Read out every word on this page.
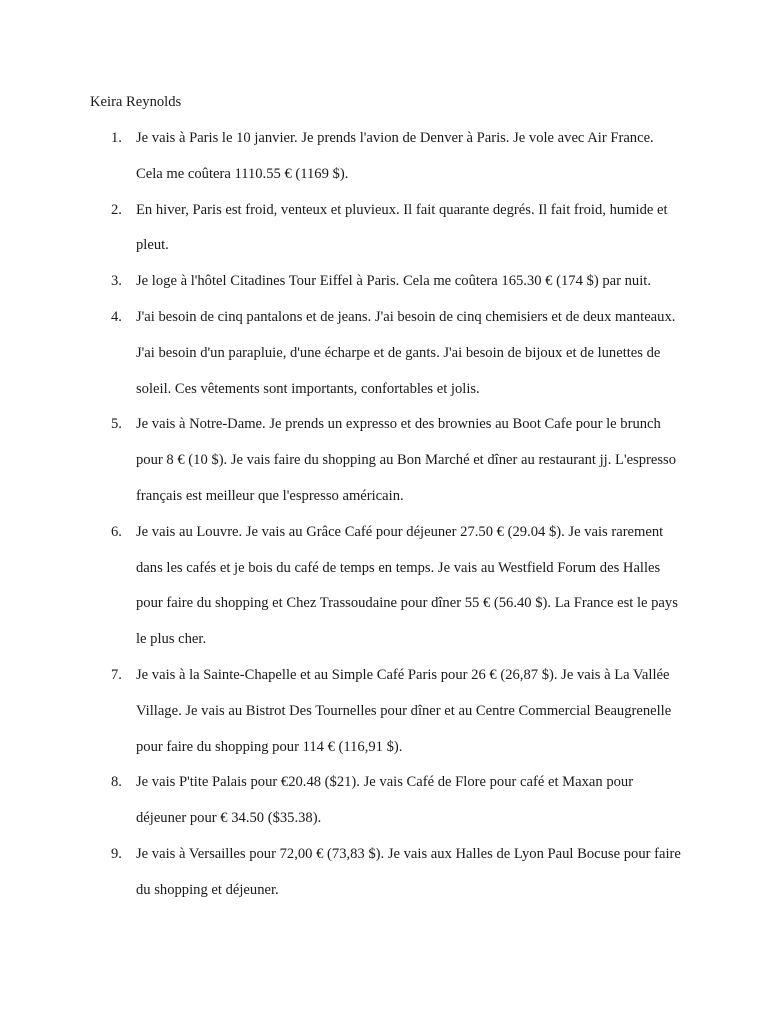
Keira Reynolds

1. Je vais à Paris le 10 janvier. Je prends l'avion de Denver à Paris. Je vole avec Air France. Cela me coûtera 1110.55 € (1169 $).
2. En hiver, Paris est froid, venteux et pluvieux. Il fait quarante degrés. Il fait froid, humide et pleut.
3. Je loge à l'hôtel Citadines Tour Eiffel à Paris. Cela me coûtera 165.30 € (174 $) par nuit.
4. J'ai besoin de cinq pantalons et de jeans. J'ai besoin de cinq chemisiers et de deux manteaux. J'ai besoin d'un parapluie, d'une écharpe et de gants. J'ai besoin de bijoux et de lunettes de soleil. Ces vêtements sont importants, confortables et jolis.
5. Je vais à Notre-Dame. Je prends un expresso et des brownies au Boot Cafe pour le brunch pour 8 € (10 $). Je vais faire du shopping au Bon Marché et dîner au restaurant jj. L'espresso français est meilleur que l'espresso américain.
6. Je vais au Louvre. Je vais au Grâce Café pour déjeuner 27.50 € (29.04 $). Je vais rarement dans les cafés et je bois du café de temps en temps. Je vais au Westfield Forum des Halles pour faire du shopping et Chez Trassoudaine pour dîner 55 € (56.40 $). La France est le pays le plus cher.
7. Je vais à la Sainte-Chapelle et au Simple Café Paris pour 26 € (26,87 $). Je vais à La Vallée Village. Je vais au Bistrot Des Tournelles pour dîner et au Centre Commercial Beaugrenelle pour faire du shopping pour 114 € (116,91 $).
8. Je vais P'tite Palais pour €20.48 ($21). Je vais Café de Flore pour café et Maxan pour déjeuner pour € 34.50 ($35.38).
9. Je vais à Versailles pour 72,00 € (73,83 $). Je vais aux Halles de Lyon Paul Bocuse pour faire du shopping et déjeuner.
